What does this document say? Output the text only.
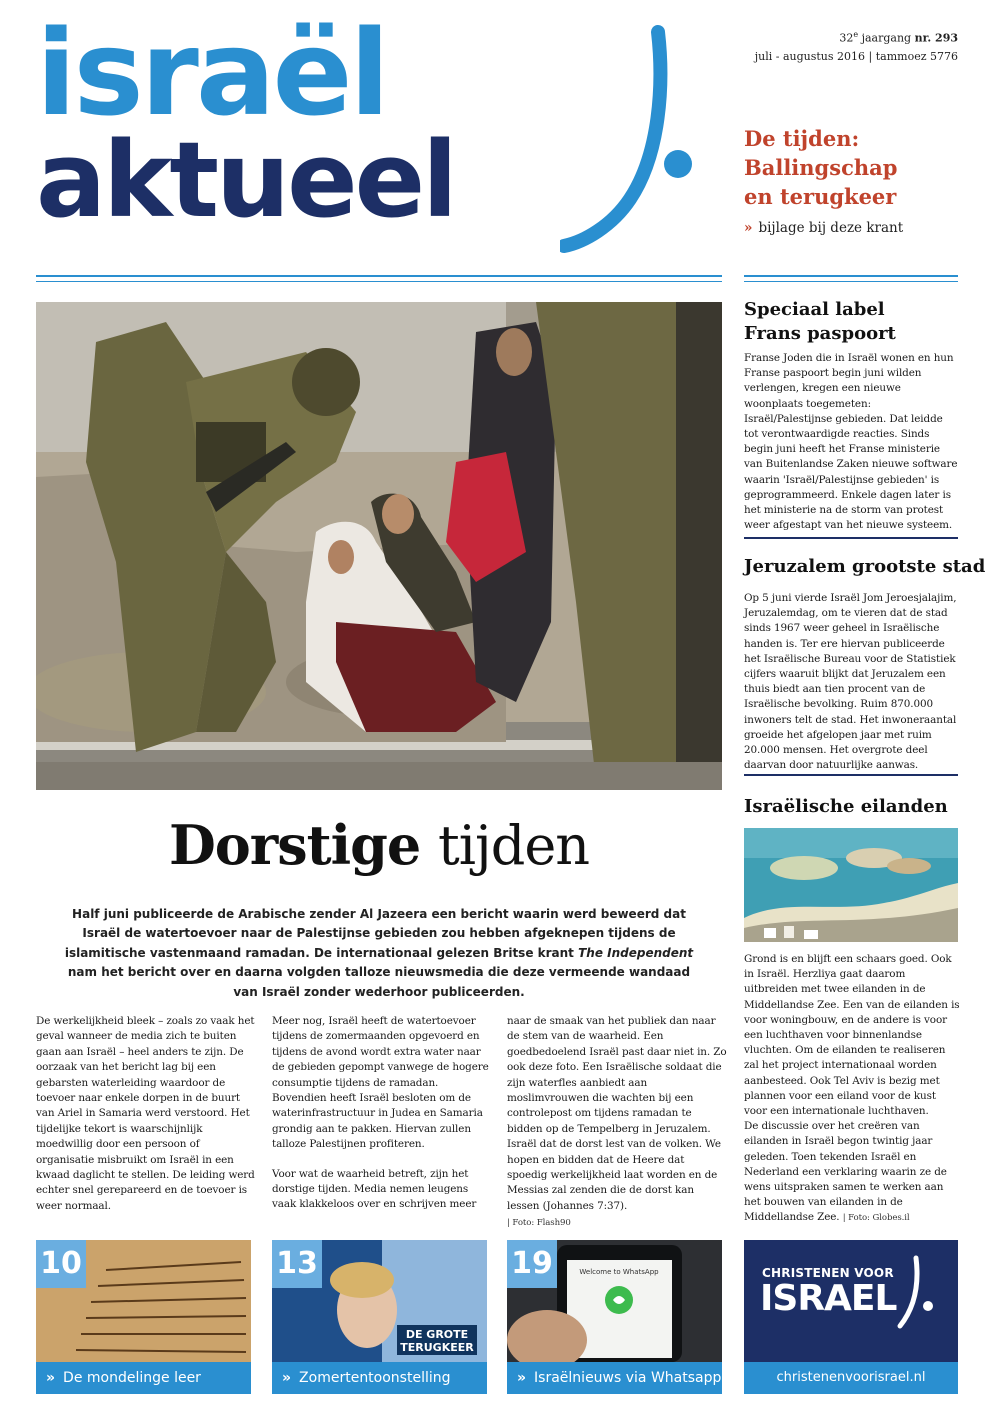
israël
aktueel
32e jaargang nr. 293
juli - augustus 2016 | tammoez 5776
De tijden:
Ballingschap
en terugkeer
» bijlage bij deze krant
Dorstige tijden
Half juni publiceerde de Arabische zender Al Jazeera een bericht waarin werd beweerd dat Israël de watertoevoer naar de Palestijnse gebieden zou hebben afgeknepen tijdens de islamitische vastenmaand ramadan. De internationaal gelezen Britse krant The Independent nam het bericht over en daarna volgden talloze nieuwsmedia die deze vermeende wandaad van Israël zonder wederhoor publiceerden.

De werkelijkheid bleek – zoals zo vaak het geval wanneer de media zich te buiten gaan aan Israël – heel anders te zijn. De oorzaak van het bericht lag bij een gebarsten waterleiding waardoor de toevoer naar enkele dorpen in de buurt van Ariel in Samaria werd verstoord. Het tijdelijke tekort is waarschijnlijk moedwillig door een persoon of organisatie misbruikt om Israël in een kwaad daglicht te stellen. De leiding werd echter snel gerepareerd en de toevoer is weer normaal.

Meer nog, Israël heeft de watertoevoer tijdens de zomermaanden opgevoerd en tijdens de avond wordt extra water naar de gebieden gepompt vanwege de hogere consumptie tijdens de ramadan. Bovendien heeft Israël besloten om de waterinfrastructuur in Judea en Samaria grondig aan te pakken. Hiervan zullen talloze Palestijnen profiteren.

Voor wat de waarheid betreft, zijn het dorstige tijden. Media nemen leugens vaak klakkeloos over en schrijven meer

naar de smaak van het publiek dan naar de stem van de waarheid. Een goedbedoelend Israël past daar niet in. Zo ook deze foto. Een Israëlische soldaat die zijn waterfles aanbiedt aan moslimvrouwen die wachten bij een controlepost om tijdens ramadan te bidden op de Tempelberg in Jeruzalem. Israël dat de dorst lest van de volken. We hopen en bidden dat de Heere dat spoedig werkelijkheid laat worden en de Messias zal zenden die de dorst kan lessen (Johannes 7:37).

| Foto: Flash90

Speciaal label
Frans paspoort
Franse Joden die in Israël wonen en hun Franse paspoort begin juni wilden verlengen, kregen een nieuwe woonplaats toegemeten: Israël/Palestijnse gebieden. Dat leidde tot verontwaardigde reacties. Sinds begin juni heeft het Franse ministerie van Buitenlandse Zaken nieuwe software waarin 'Israël/Palestijnse gebieden' is geprogrammeerd. Enkele dagen later is het ministerie na de storm van protest weer afgestapt van het nieuwe systeem.
Jeruzalem grootste stad
Op 5 juni vierde Israël Jom Jeroesjalajim, Jeruzalemdag, om te vieren dat de stad sinds 1967 weer geheel in Israëlische handen is. Ter ere hiervan publiceerde het Israëlische Bureau voor de Statistiek cijfers waaruit blijkt dat Jeruzalem een thuis biedt aan tien procent van de Israëlische bevolking. Ruim 870.000 inwoners telt de stad. Het inwoneraantal groeide het afgelopen jaar met ruim 20.000 mensen. Het overgrote deel daarvan door natuurlijke aanwas.
Israëlische eilanden
Grond is en blijft een schaars goed. Ook in Israël. Herzliya gaat daarom uitbreiden met twee eilanden in de Middellandse Zee. Een van de eilanden is voor woningbouw, en de andere is voor een luchthaven voor binnenlandse vluchten. Om de eilanden te realiseren zal het project internationaal worden aanbesteed. Ook Tel Aviv is bezig met plannen voor een eiland voor de kust voor een internationale luchthaven.
De discussie over het creëren van eilanden in Israël begon twintig jaar geleden. Toen tekenden Israël en Nederland een verklaring waarin ze de wens uitspraken samen te werken aan het bouwen van eilanden in de Middellandse Zee. | Foto: Globes.il
10
» De mondelinge leer
DE GROTE
TERUGKEER
13
» Zomertentoonstelling
Welcome to WhatsApp
19
» Israëlnieuws via Whatsapp
CHRISTENEN VOOR
ISRAEL
christenenvoorisrael.nl
